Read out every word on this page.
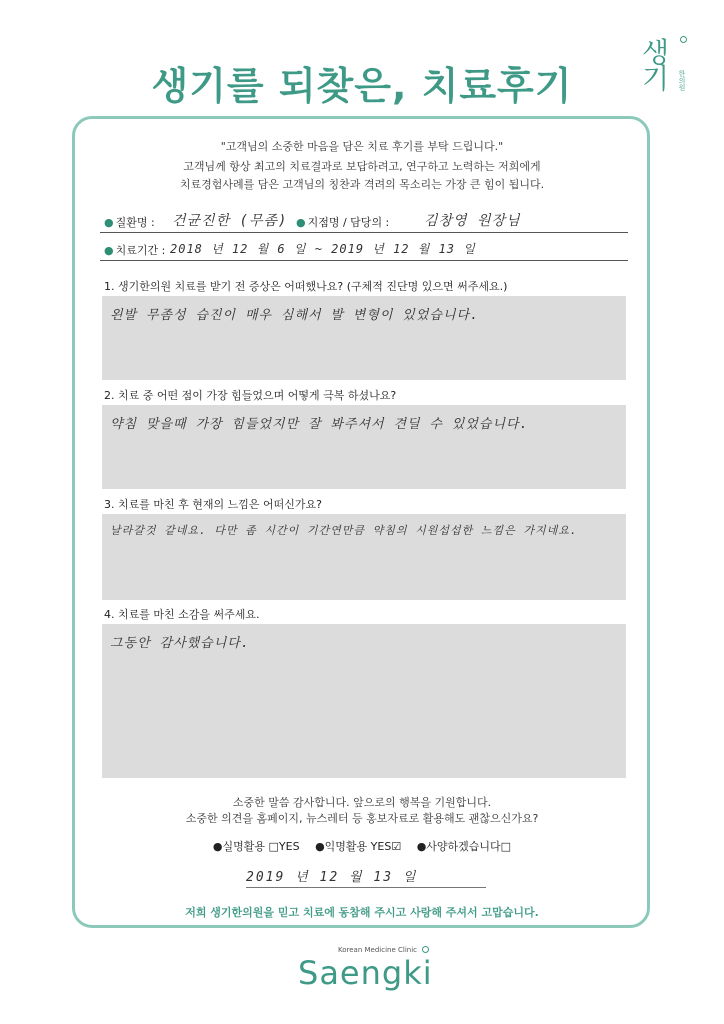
생기를 되찾은, 치료후기
생기	한의원
"고객님의 소중한 마음을 담은 치료 후기를 부탁 드립니다."
고객님께 항상 최고의 치료결과로 보답하려고, 연구하고 노력하는 저희에게
치료경험사례를 담은 고객님의 칭찬과 격려의 목소리는 가장 큰 힘이 됩니다.
● 질환명 : 건균진한 (무좀) ● 지점명 / 담당의 : 김창영 원장님
● 치료기간 : 2018 년 12 월 6 일 ~ 2019 년 12 월 13 일
1. 생기한의원 치료를 받기 전 증상은 어떠했나요? (구체적 진단명 있으면 써주세요.)
왼발 무좀성 습진이 매우 심해서 발 변형이 있었습니다.
2. 치료 중 어떤 점이 가장 힘들었으며 어떻게 극복 하셨나요?
약침 맞을때 가장 힘들었지만 잘 봐주셔서 견딜 수 있었습니다.
3. 치료를 마친 후 현재의 느낌은 어떠신가요?
날라갈것 같네요. 다만 좀 시간이 기간연만큼 약침의 시원섭섭한 느낌은 가지네요.
4. 치료를 마친 소감을 써주세요.
그동안 감사했습니다.
소중한 말씀 감사합니다. 앞으로의 행복을 기원합니다.
소중한 의견을 홈페이지, 뉴스레터 등 홍보자료로 활용해도 괜찮으신가요?
●실명활용 □YES ●익명활용 YES☑ ●사양하겠습니다□
2019 년 12 월 13 일
저희 생기한의원을 믿고 치료에 동참해 주시고 사랑해 주셔서 고맙습니다.
Korean Medicine Clinic
Saengki
